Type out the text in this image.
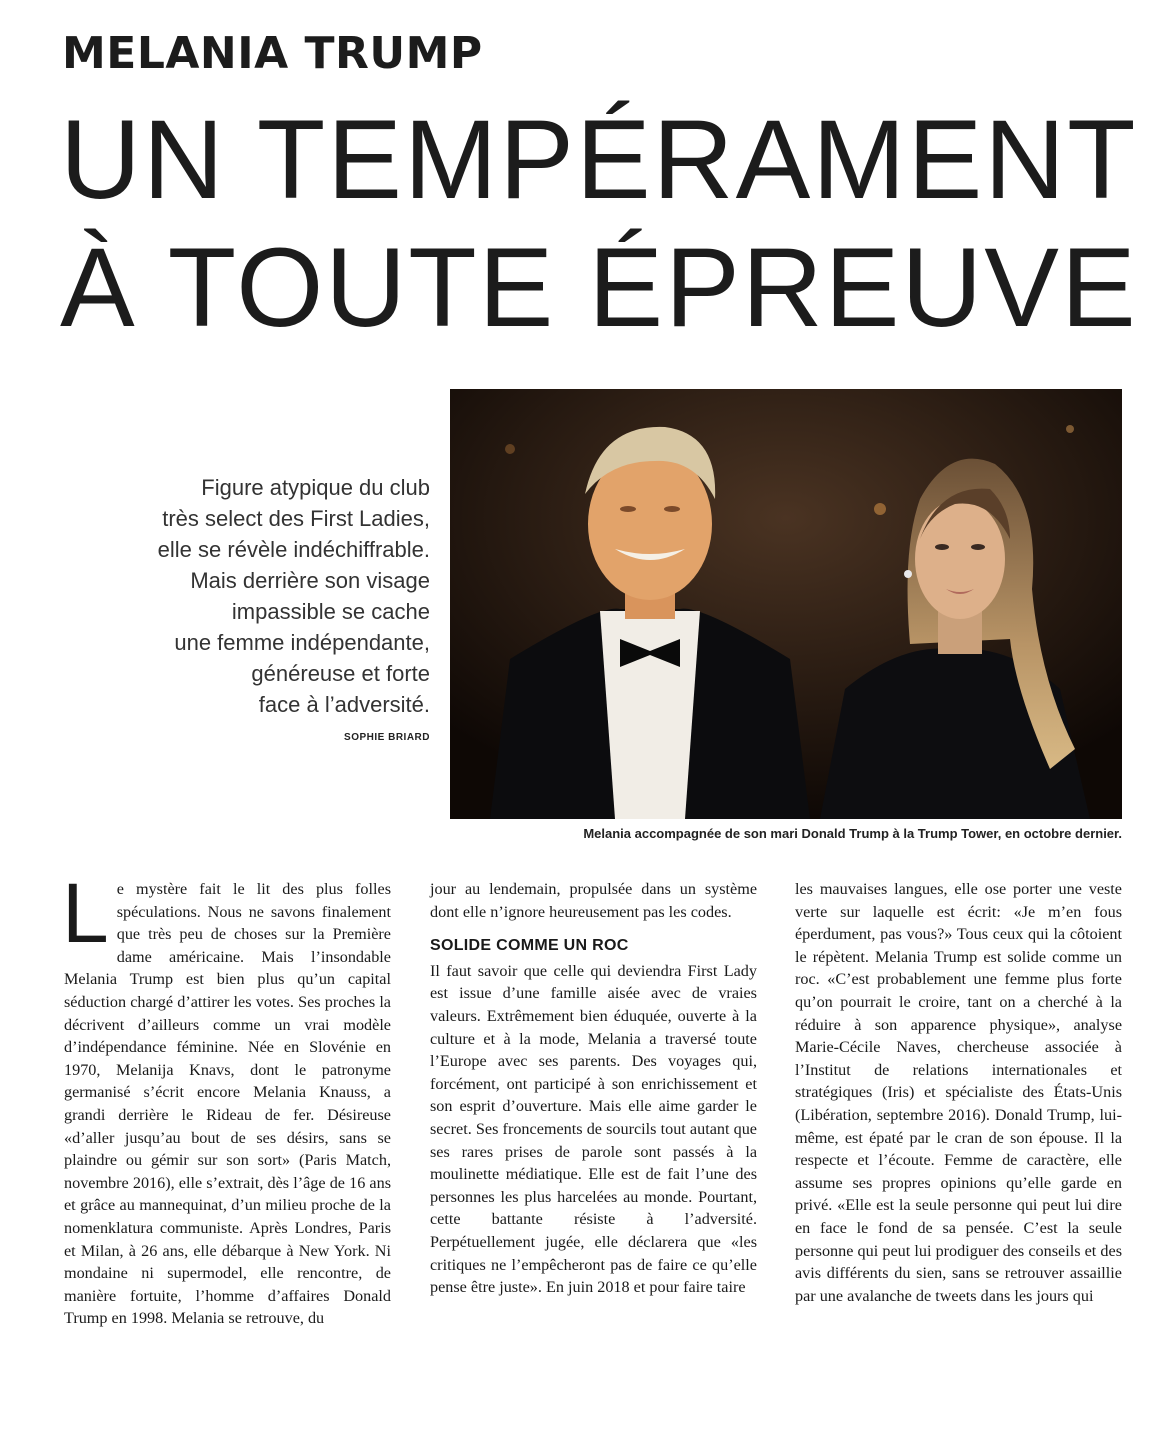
MELANIA TRUMP
UN TEMPÉRAMENT
À TOUTE ÉPREUVE
Figure atypique du club
très select des First Ladies,
elle se révèle indéchiffrable.
Mais derrière son visage
impassible se cache
une femme indépendante,
généreuse et forte
face à l’adversité.
SOPHIE BRIARD
Melania accompagnée de son mari Donald Trump à la Trump Tower, en octobre dernier.
L e mystère fait le lit des plus folles spéculations. Nous ne savons finalement que très peu de choses sur la Première dame américaine. Mais l’insondable Melania Trump est bien plus qu’un capital séduction chargé d’attirer les votes. Ses proches la décrivent d’ailleurs comme un vrai modèle d’indépendance féminine. Née en Slovénie en 1970, Melanija Knavs, dont le patronyme germanisé s’écrit encore Melania Knauss, a grandi derrière le Rideau de fer. Désireuse «d’aller jusqu’au bout de ses désirs, sans se plaindre ou gémir sur son sort» (Paris Match, novembre 2016), elle s’extrait, dès l’âge de 16 ans et grâce au mannequinat, d’un milieu proche de la nomenklatura communiste. Après Londres, Paris et Milan, à 26 ans, elle débarque à New York. Ni mondaine ni supermodel, elle rencontre, de manière fortuite, l’homme d’affaires Donald Trump en 1998. Melania se retrouve, du

jour au lendemain, propulsée dans un système dont elle n’ignore heureusement pas les codes.

SOLIDE COMME UN ROC

Il faut savoir que celle qui deviendra First Lady est issue d’une famille aisée avec de vraies valeurs. Extrêmement bien éduquée, ouverte à la culture et à la mode, Melania a traversé toute l’Europe avec ses parents. Des voyages qui, forcément, ont participé à son enrichissement et son esprit d’ouverture. Mais elle aime garder le secret. Ses froncements de sourcils tout autant que ses rares prises de parole sont passés à la moulinette médiatique. Elle est de fait l’une des personnes les plus harcelées au monde. Pourtant, cette battante résiste à l’adversité. Perpétuellement jugée, elle déclarera que «les critiques ne l’empêcheront pas de faire ce qu’elle pense être juste». En juin 2018 et pour faire taire

les mauvaises langues, elle ose porter une veste verte sur laquelle est écrit: «Je m’en fous éperdument, pas vous?» Tous ceux qui la côtoient le répètent. Melania Trump est solide comme un roc. «C’est probablement une femme plus forte qu’on pourrait le croire, tant on a cherché à la réduire à son apparence physique», analyse Marie-Cécile Naves, chercheuse associée à l’Institut de relations internationales et stratégiques (Iris) et spécialiste des États-Unis (Libération, septembre 2016). Donald Trump, lui-même, est épaté par le cran de son épouse. Il la respecte et l’écoute. Femme de caractère, elle assume ses propres opinions qu’elle garde en privé. «Elle est la seule personne qui peut lui dire en face le fond de sa pensée. C’est la seule personne qui peut lui prodiguer des conseils et des avis différents du sien, sans se retrouver assaillie par une avalanche de tweets dans les jours qui
